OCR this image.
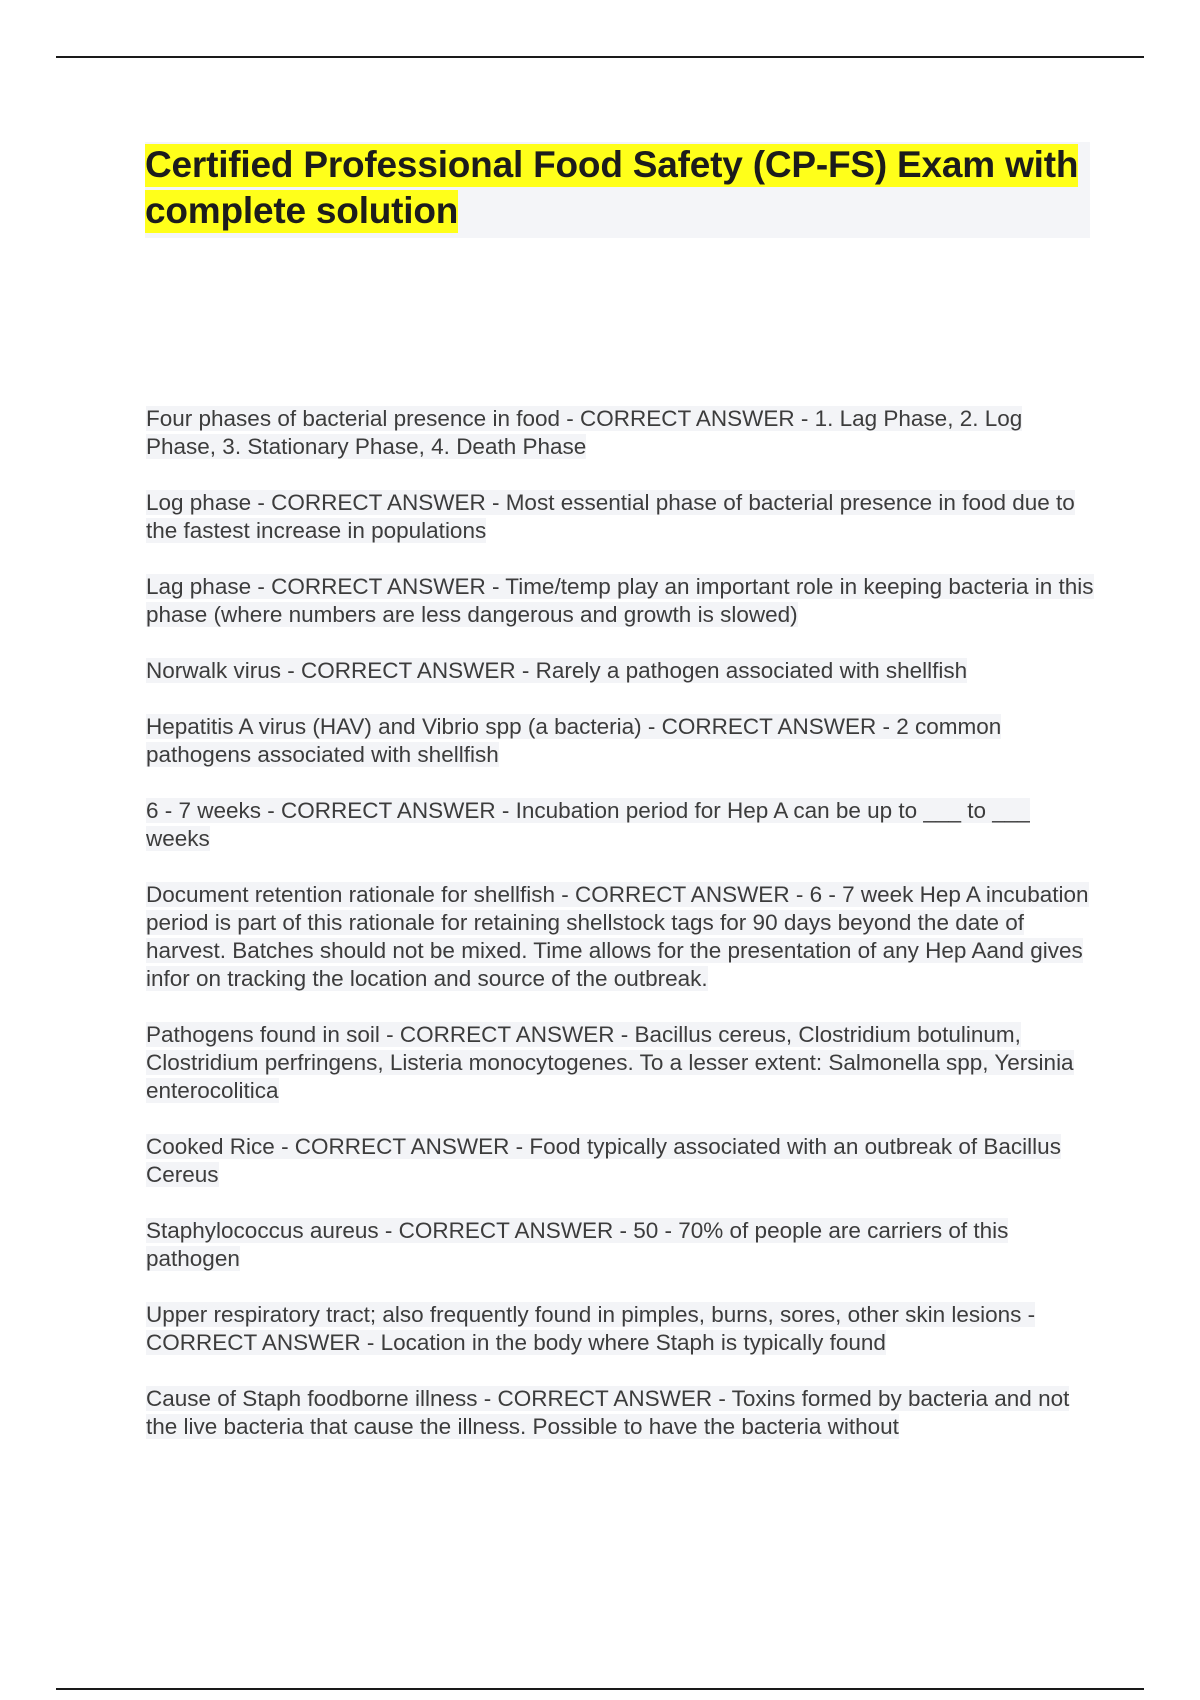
Certified Professional Food Safety (CP-FS) Exam with complete solution
Four phases of bacterial presence in food - CORRECT ANSWER - 1. Lag Phase, 2. Log Phase, 3. Stationary Phase, 4. Death Phase
Log phase - CORRECT ANSWER - Most essential phase of bacterial presence in food due to the fastest increase in populations
Lag phase - CORRECT ANSWER - Time/temp play an important role in keeping bacteria in this phase (where numbers are less dangerous and growth is slowed)
Norwalk virus - CORRECT ANSWER - Rarely a pathogen associated with shellfish
Hepatitis A virus (HAV) and Vibrio spp (a bacteria) - CORRECT ANSWER - 2 common pathogens associated with shellfish
6 - 7 weeks - CORRECT ANSWER - Incubation period for Hep A can be up to ___ to ___ weeks
Document retention rationale for shellfish - CORRECT ANSWER - 6 - 7 week Hep A incubation period is part of this rationale for retaining shellstock tags for 90 days beyond the date of harvest. Batches should not be mixed. Time allows for the presentation of any Hep Aand gives infor on tracking the location and source of the outbreak.
Pathogens found in soil - CORRECT ANSWER - Bacillus cereus, Clostridium botulinum, Clostridium perfringens, Listeria monocytogenes. To a lesser extent: Salmonella spp, Yersinia enterocolitica
Cooked Rice - CORRECT ANSWER - Food typically associated with an outbreak of Bacillus Cereus
Staphylococcus aureus - CORRECT ANSWER - 50 - 70% of people are carriers of this pathogen
Upper respiratory tract; also frequently found in pimples, burns, sores, other skin lesions - CORRECT ANSWER - Location in the body where Staph is typically found
Cause of Staph foodborne illness - CORRECT ANSWER - Toxins formed by bacteria and not the live bacteria that cause the illness. Possible to have the bacteria without
